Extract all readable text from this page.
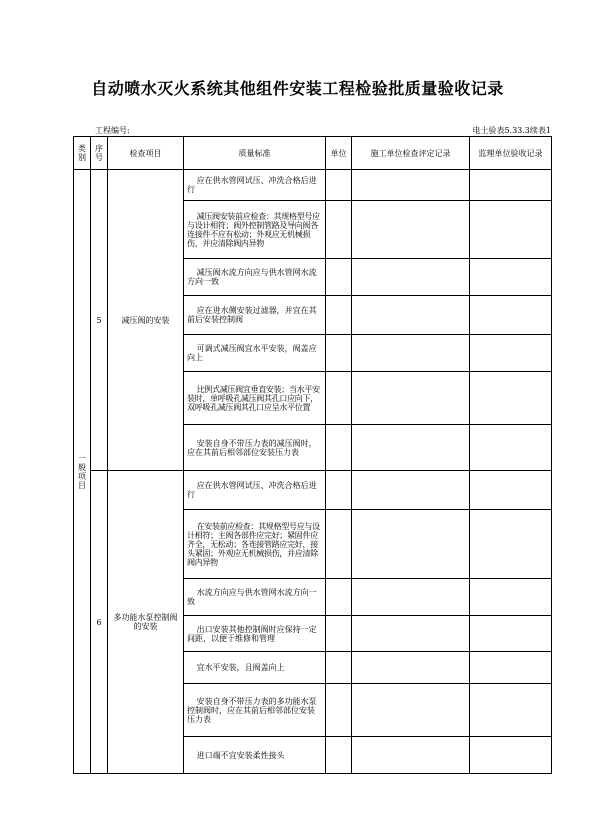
自动喷水灭火系统其他组件安装工程检验批质量验收记录
工程编号:	电土验表5.33.3续表1
类别	序号	检查项目	质量标准	单位	施工单位检查评定记录	监理单位验收记录
一般项目	5	减压阀的安装	应在供水管网试压、冲洗合格后进行			

			减压阀安装前应检查：其规格型号应与设计相符；阀外控制管路及导向阀各连接件不应有松动；外观应无机械损伤，并应清除阀内异物			

			减压阀水流方向应与供水管网水流方向一致			

			应在进水侧安装过滤器，并宜在其前后安装控制阀			

			可调式减压阀宜水平安装，阀盖应向上			

			比例式减压阀宜垂直安装；当水平安装时，单呼吸孔减压阀其孔口应向下，双呼吸孔减压阀其孔口应呈水平位置			

			安装自身不带压力表的减压阀时，应在其前后相邻部位安装压力表			

	6	多功能水泵控制阀的安装	应在供水管网试压、冲洗合格后进行			

			在安装前应检查：其规格型号应与设计相符；主阀各部件应完好；紧固件应齐全，无松动；各连接管路应完好，接头紧固；外观应无机械损伤，并应清除阀内异物			

			水流方向应与供水管网水流方向一致			

			出口安装其他控制阀时应保持一定间距，以便于维修和管理			

			宜水平安装，且阀盖向上			

			安装自身不带压力表的多功能水泵控制阀时，应在其前后相邻部位安装压力表			

			进口端不宜安装柔性接头			
